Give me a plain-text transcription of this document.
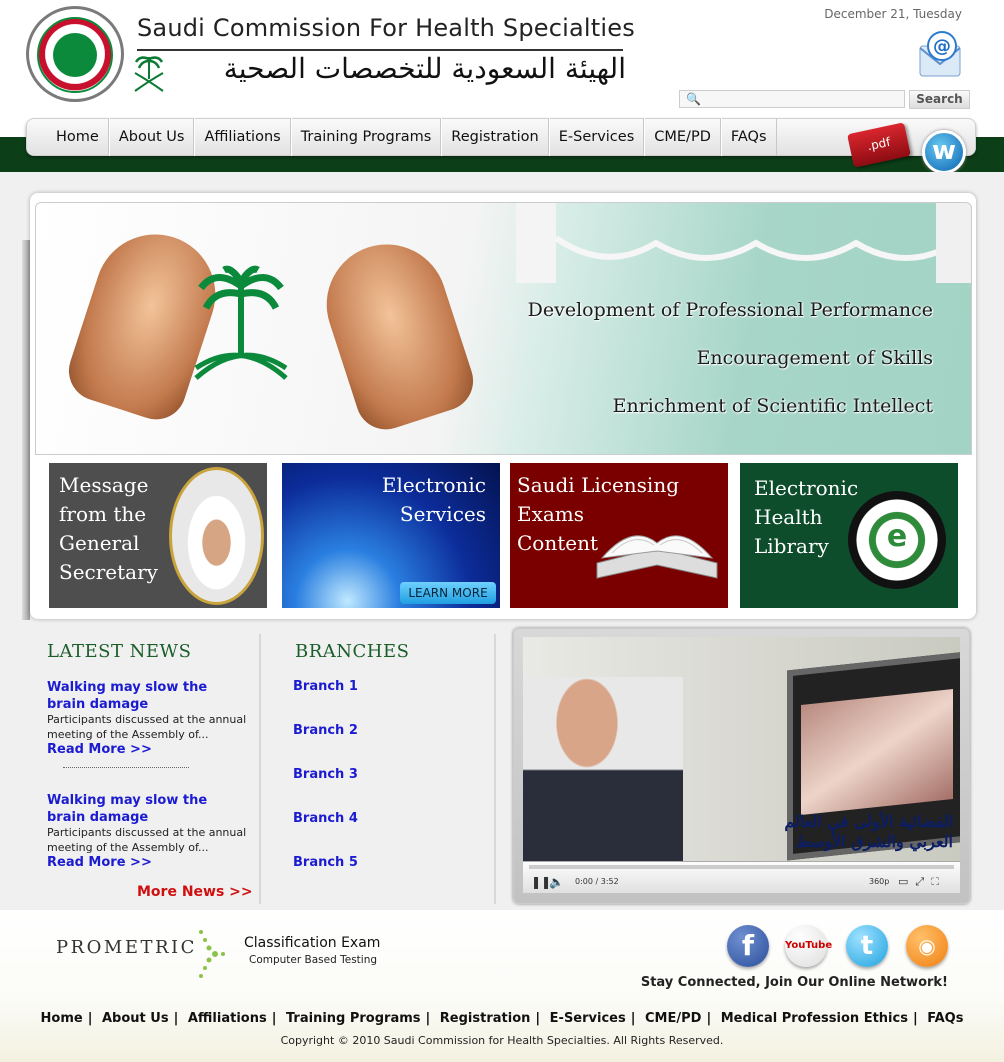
Saudi Commission For Health Specialties
الهيئة السعودية للتخصصات الصحية
December 21, Tuesday
@
🔍	Search
Home	About Us	Affiliations	Training Programs	Registration	E-Services	CME/PD	FAQs	.pdf	w
Development of Professional Performance
Encouragement of Skills
Enrichment of Scientific Intellect
Message
from the
General
Secretary
Electronic
Services
LEARN MORE
Saudi Licensing
Exams
Content
Electronic
Health
Library	e
LATEST NEWS
Walking may slow the brain damage
Participants discussed at the annual meeting of the Assembly of...
Read More >>
Walking may slow the brain damage
Participants discussed at the annual meeting of the Assembly of...
Read More >>
More News >>
BRANCHES
Branch 1
Branch 2
Branch 3
Branch 4
Branch 5
الفضائية الأولى في العالم العربي والشرق الأوسط
❚❚
🔈 0:00 / 3:52	360p ▭⤢⛶
PROMETRIC	Classification Exam
Computer Based Testing	f	YouTube	t	◉
Stay Connected, Join Our Online Network!
Home | About Us | Affiliations | Training Programs | Registration | E-Services | CME/PD | Medical Profession Ethics | FAQs
Copyright © 2010 Saudi Commission for Health Specialties. All Rights Reserved.
